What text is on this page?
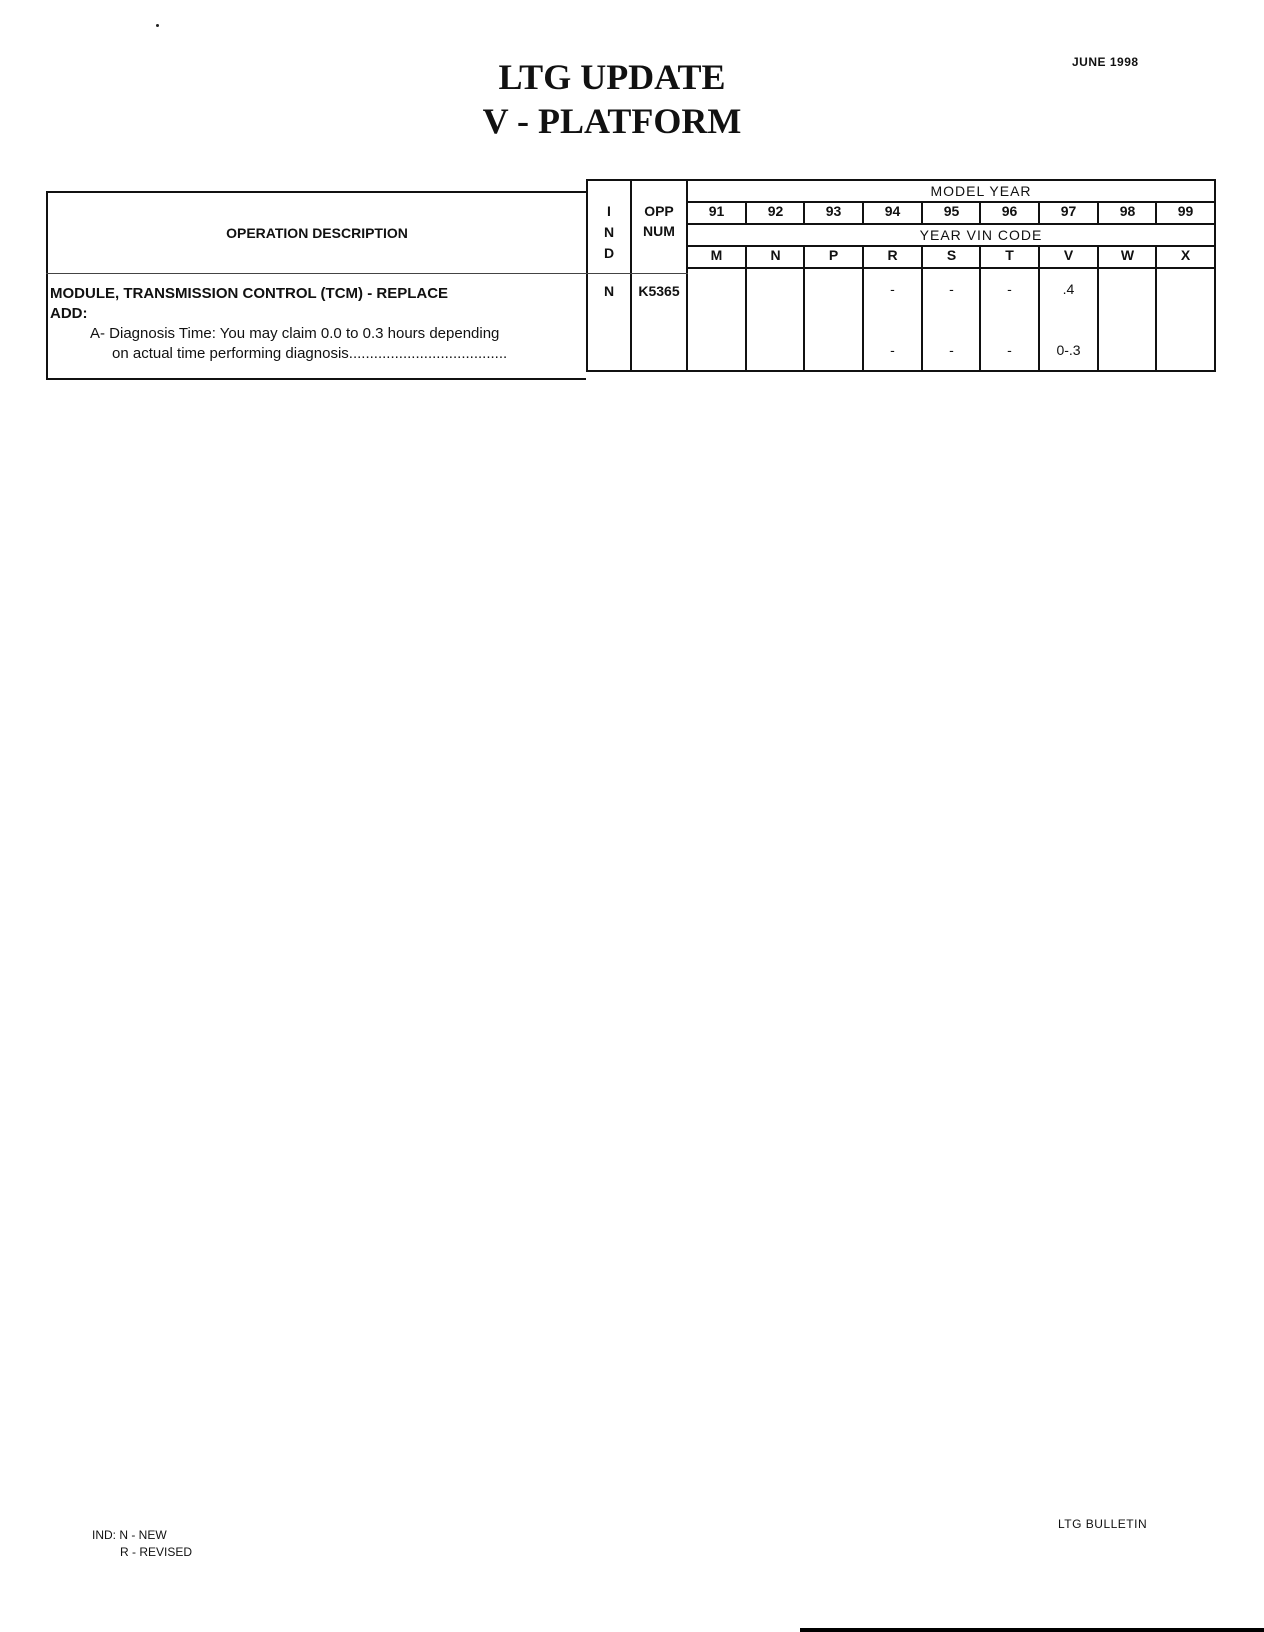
JUNE 1998
LTG UPDATE
V - PLATFORM
OPERATION DESCRIPTION
I
N
D
OPP
NUM
MODEL YEAR
YEAR VIN CODE
MODULE, TRANSMISSION CONTROL (TCM) - REPLACE
ADD:
A- Diagnosis Time: You may claim 0.0 to 0.3 hours depending
on actual time performing diagnosis......................................
N	K5365
91
M
92
N
93
P
94
R
-
-
95
S
-
-
96
T
-
-
97
V
.4
0-.3
98
W
99
X
IND: N - NEW
R - REVISED
LTG BULLETIN
